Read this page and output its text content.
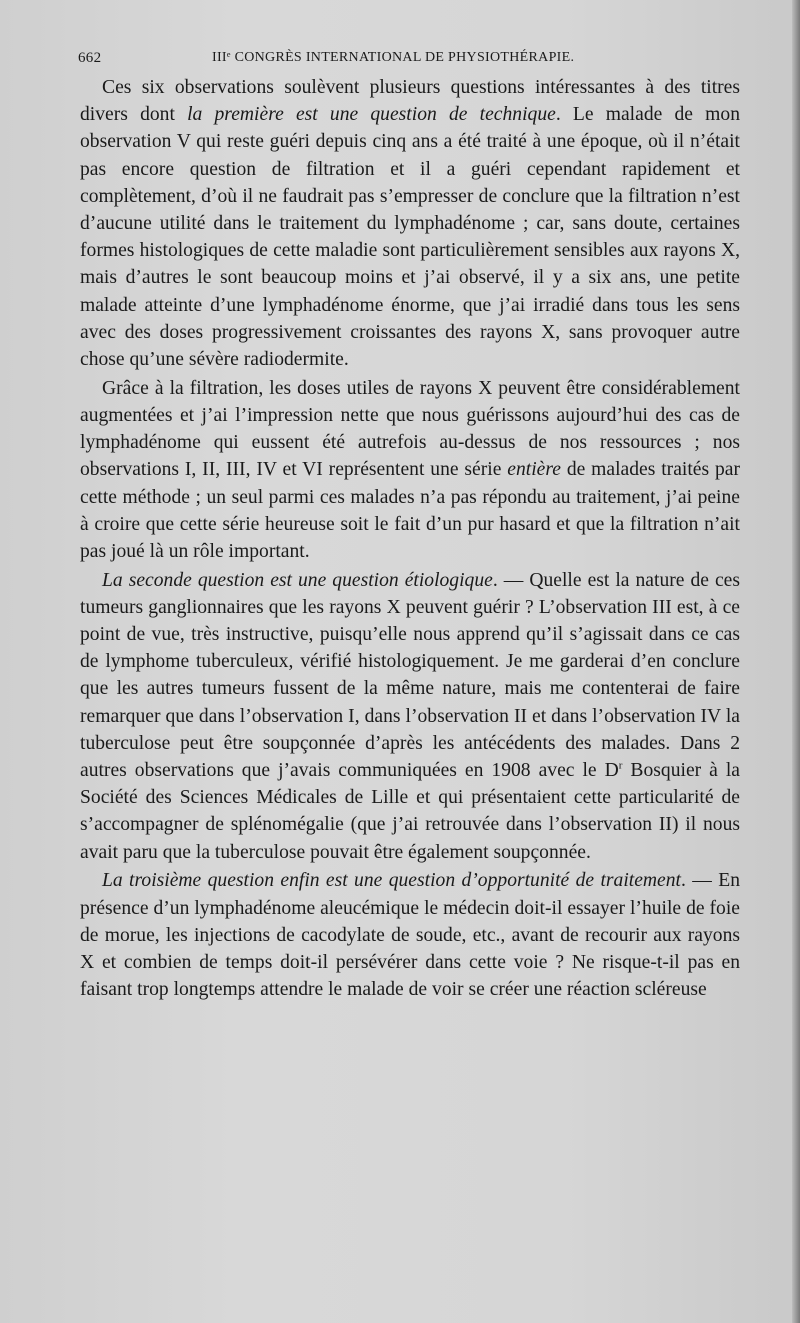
662	IIIᵉ CONGRÈS INTERNATIONAL DE PHYSIOTHÉRAPIE.

Ces six observations soulèvent plusieurs questions intéressantes à des titres divers dont la première est une question de technique. Le malade de mon observation V qui reste guéri depuis cinq ans a été traité à une époque, où il n’était pas encore question de filtration et il a guéri cependant rapidement et complètement, d’où il ne faudrait pas s’empresser de conclure que la filtration n’est d’aucune utilité dans le traitement du lymphadénome ; car, sans doute, certaines formes histologiques de cette maladie sont particulièrement sensibles aux rayons X, mais d’autres le sont beaucoup moins et j’ai observé, il y a six ans, une petite malade atteinte d’une lymphadénome énorme, que j’ai irradié dans tous les sens avec des doses progressivement croissantes des rayons X, sans provoquer autre chose qu’une sévère radiodermite.

Grâce à la filtration, les doses utiles de rayons X peuvent être considérablement augmentées et j’ai l’impression nette que nous guérissons aujourd’hui des cas de lymphadénome qui eussent été autrefois au-dessus de nos ressources ; nos observations I, II, III, IV et VI représentent une série entière de malades traités par cette méthode ; un seul parmi ces malades n’a pas répondu au traitement, j’ai peine à croire que cette série heureuse soit le fait d’un pur hasard et que la filtration n’ait pas joué là un rôle important.

La seconde question est une question étiologique. — Quelle est la nature de ces tumeurs ganglionnaires que les rayons X peuvent guérir ? L’observation III est, à ce point de vue, très instructive, puisqu’elle nous apprend qu’il s’agissait dans ce cas de lymphome tuberculeux, vérifié histologiquement. Je me garderai d’en conclure que les autres tumeurs fussent de la même nature, mais me contenterai de faire remarquer que dans l’observation I, dans l’observation II et dans l’observation IV la tuberculose peut être soupçonnée d’après les antécédents des malades. Dans 2 autres observations que j’avais communiquées en 1908 avec le $D^r$ Bosquier à la Société des Sciences Médicales de Lille et qui présentaient cette particularité de s’accompagner de splénomégalie (que j’ai retrouvée dans l’observation II) il nous avait paru que la tuberculose pouvait être également soupçonnée.

La troisième question enfin est une question d’opportunité de traitement. — En présence d’un lymphadénome aleucémique le médecin doit-il essayer l’huile de foie de morue, les injections de cacodylate de soude, etc., avant de recourir aux rayons X et combien de temps doit-il persévérer dans cette voie ? Ne risque-t-il pas en faisant trop longtemps attendre le malade de voir se créer une réaction scléreuse
